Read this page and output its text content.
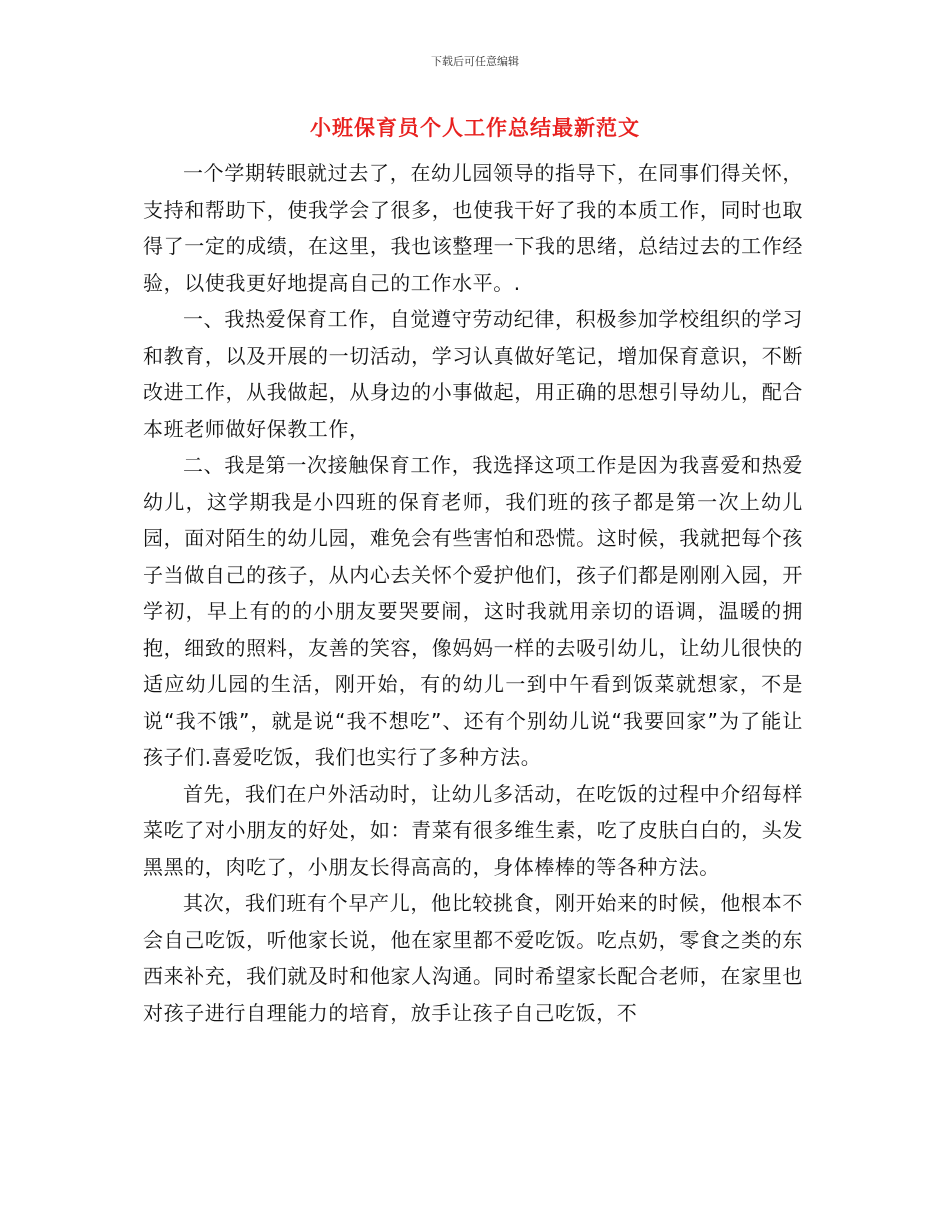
下载后可任意编辑
小班保育员个人工作总结最新范文

一个学期转眼就过去了，在幼儿园领导的指导下，在同事们得关怀，支持和帮助下，使我学会了很多，也使我干好了我的本质工作，同时也取得了一定的成绩，在这里，我也该整理一下我的思绪，总结过去的工作经验，以使我更好地提高自己的工作水平。.

一、我热爱保育工作，自觉遵守劳动纪律，积极参加学校组织的学习和教育，以及开展的一切活动，学习认真做好笔记，增加保育意识，不断改进工作，从我做起，从身边的小事做起，用正确的思想引导幼儿，配合本班老师做好保教工作，

二、我是第一次接触保育工作，我选择这项工作是因为我喜爱和热爱幼儿，这学期我是小四班的保育老师，我们班的孩子都是第一次上幼儿园，面对陌生的幼儿园，难免会有些害怕和恐慌。这时候，我就把每个孩子当做自己的孩子，从内心去关怀个爱护他们，孩子们都是刚刚入园，开学初，早上有的的小朋友要哭要闹，这时我就用亲切的语调，温暖的拥抱，细致的照料，友善的笑容，像妈妈一样的去吸引幼儿，让幼儿很快的适应幼儿园的生活，刚开始，有的幼儿一到中午看到饭菜就想家，不是说“我不饿”，就是说“我不想吃”、还有个别幼儿说“我要回家”为了能让孩子们.喜爱吃饭，我们也实行了多种方法。

首先，我们在户外活动时，让幼儿多活动，在吃饭的过程中介绍每样菜吃了对小朋友的好处，如：青菜有很多维生素，吃了皮肤白白的，头发黑黑的，肉吃了，小朋友长得高高的，身体棒棒的等各种方法。

其次，我们班有个早产儿，他比较挑食，刚开始来的时候，他根本不会自己吃饭，听他家长说，他在家里都不爱吃饭。吃点奶，零食之类的东西来补充，我们就及时和他家人沟通。同时希望家长配合老师，在家里也对孩子进行自理能力的培育，放手让孩子自己吃饭，不
